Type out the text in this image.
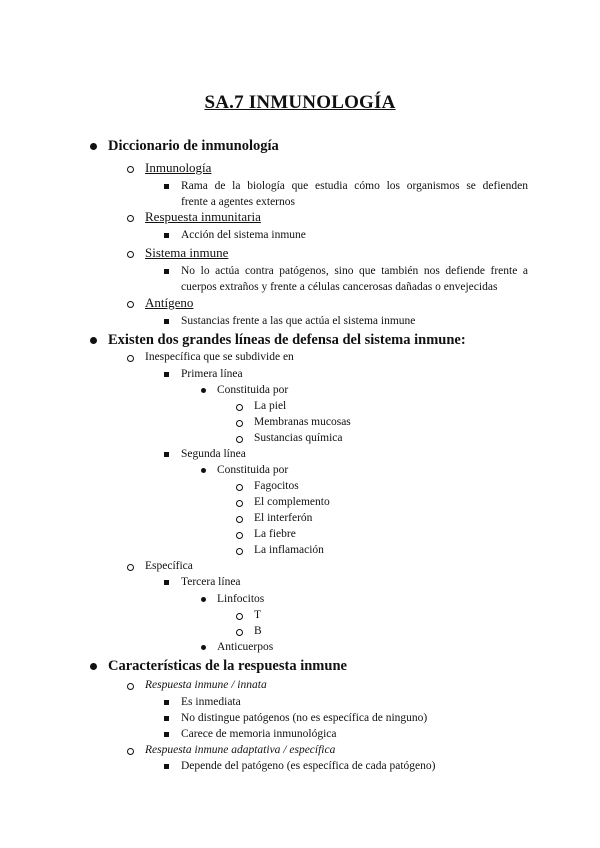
SA.7 INMUNOLOGÍA
Diccionario de inmunología
Inmunología
Rama de la biología que estudia cómo los organismos se defienden
frente a agentes externos
Respuesta inmunitaria
Acción del sistema inmune
Sistema inmune
No lo actúa contra patógenos, sino que también nos defiende frente a
cuerpos extraños y frente a células cancerosas dañadas o envejecidas
Antígeno
Sustancias frente a las que actúa el sistema inmune
Existen dos grandes líneas de defensa del sistema inmune:
Inespecífica que se subdivide en
Primera línea
Constituida por
La piel
Membranas mucosas
Sustancias química
Segunda línea
Constituida por
Fagocitos
El complemento
El interferón
La fiebre
La inflamación
Específica
Tercera línea
Linfocitos
T
B
Anticuerpos
Características de la respuesta inmune
Respuesta inmune / innata
Es inmediata
No distingue patógenos (no es específica de ninguno)
Carece de memoria inmunológica
Respuesta inmune adaptativa / específica
Depende del patógeno (es específica de cada patógeno)
